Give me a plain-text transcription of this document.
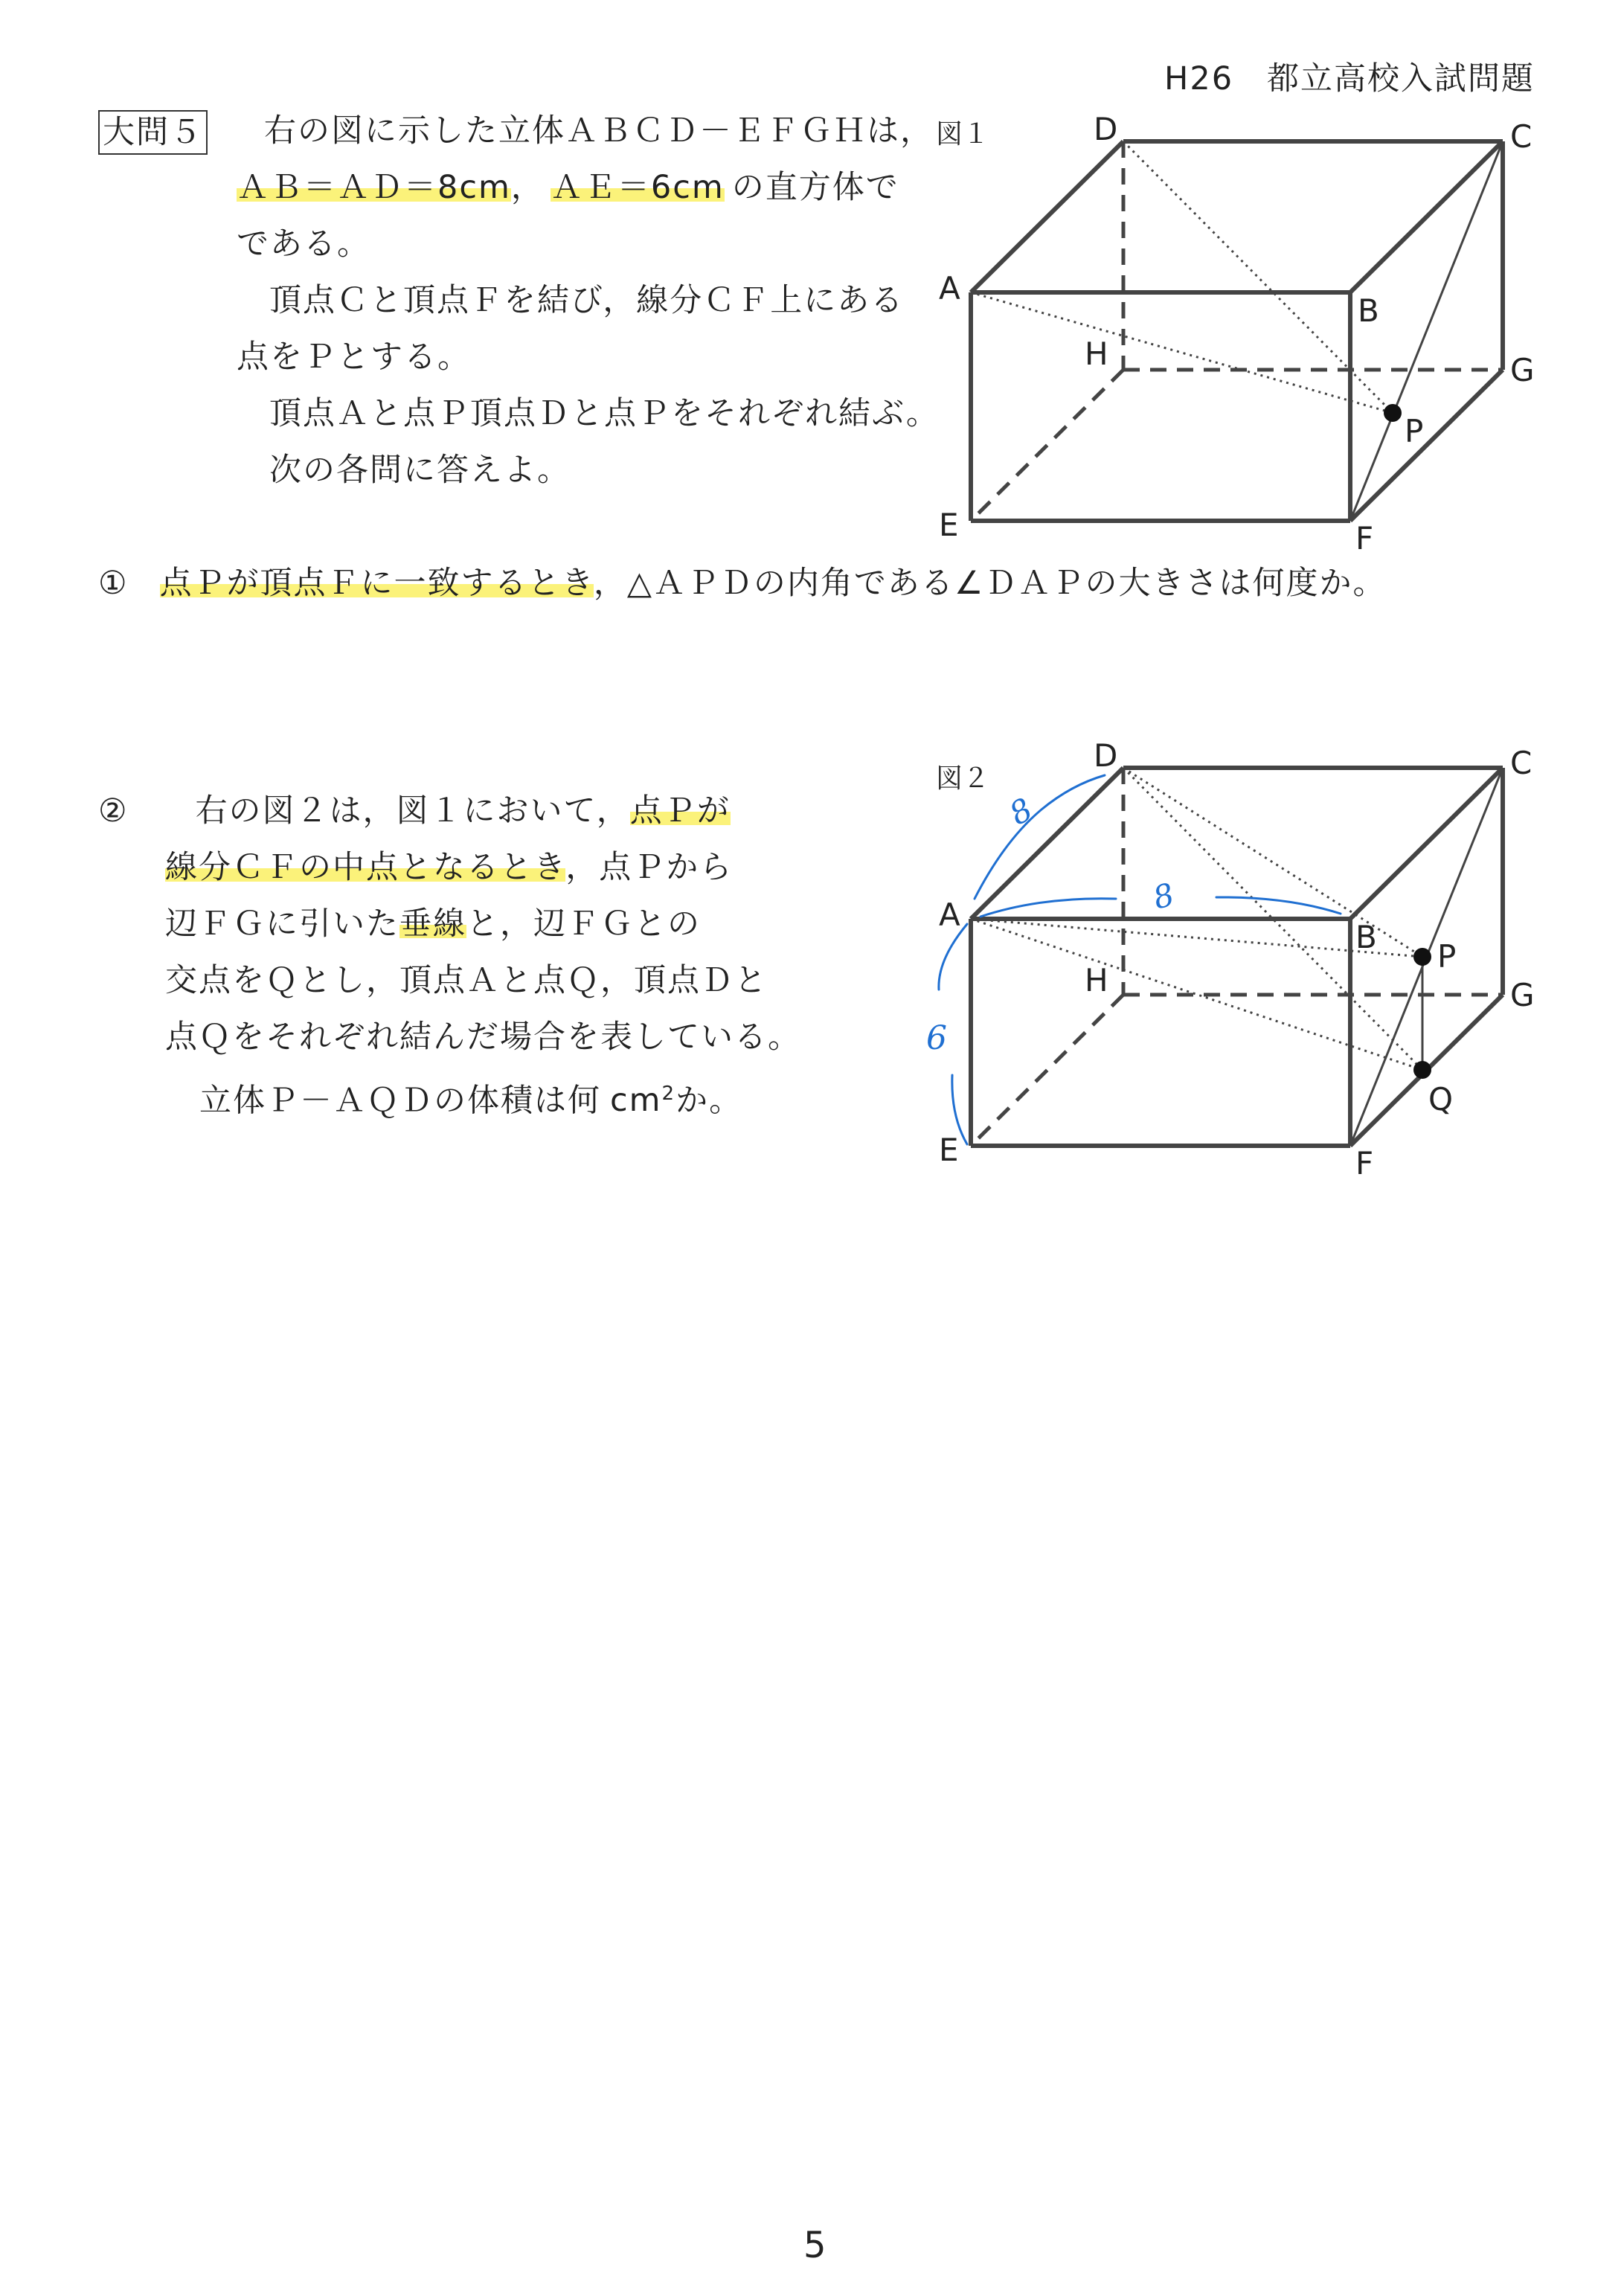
H26　都立高校入試問題
大問５ 右の図に示した立体ＡＢＣＤ－ＥＦＧＨは，
ＡＢ＝ＡＤ＝8cm， ＡＥ＝6cm の直方体で
である。
頂点Ｃと頂点Ｆを結び，線分ＣＦ上にある
点をＰとする。
頂点Ａと点Ｐ頂点Ｄと点Ｐをそれぞれ結ぶ。
次の各問に答えよ。
図１	D	C
A
B
H	G
P
E	F
① 点Ｐが頂点Ｆに一致するとき，△ＡＰＤの内角である∠ＤＡＰの大きさは何度か。
② 右の図２は，図１において，点Ｐが
線分ＣＦの中点となるとき，点Ｐから
辺ＦＧに引いた垂線と，辺ＦＧとの
交点をＱとし，頂点Ａと点Ｑ，頂点Ｄと
点Ｑをそれぞれ結んだ場合を表している。
立体Ｐ－ＡＱＤの体積は何 $cm^2$か。
図２
D	C
A
B
P
H	G
Q
E	F
8
8
6
5
